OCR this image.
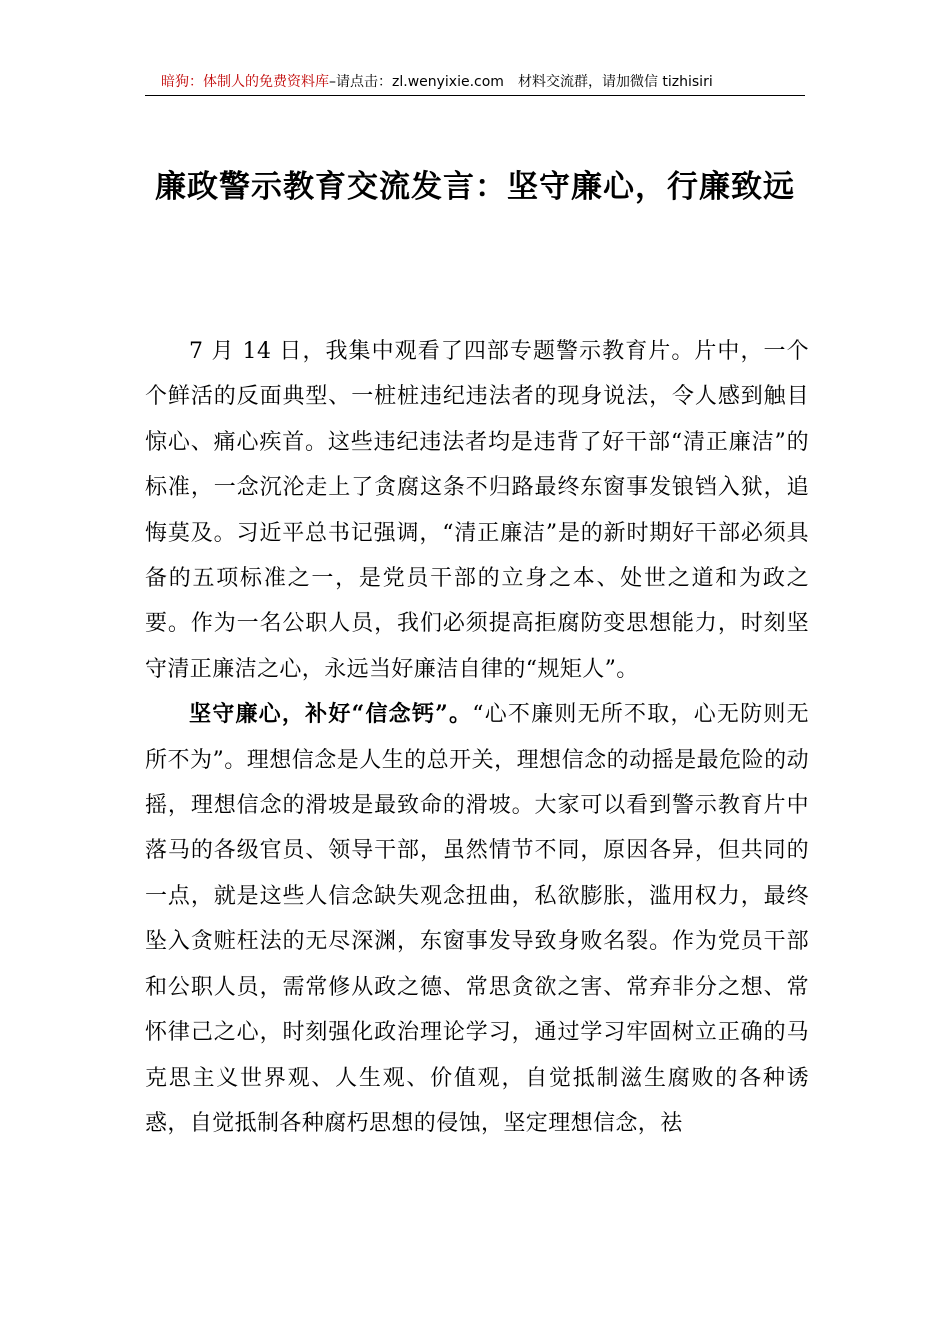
暗狗：体制人的免费资料库–请点击：zl.wenyixie.com 材料交流群，请加微信 tizhisiri
廉政警示教育交流发言：坚守廉心，行廉致远

7 月 14 日，我集中观看了四部专题警示教育片。片中，一个个鲜活的反面典型、一桩桩违纪违法者的现身说法，令人感到触目惊心、痛心疾首。这些违纪违法者均是违背了好干部“清正廉洁”的标准，一念沉沦走上了贪腐这条不归路最终东窗事发锒铛入狱，追悔莫及。习近平总书记强调，“清正廉洁”是的新时期好干部必须具备的五项标准之一，是党员干部的立身之本、处世之道和为政之要。作为一名公职人员，我们必须提高拒腐防变思想能力，时刻坚守清正廉洁之心，永远当好廉洁自律的“规矩人”。

坚守廉心，补好“信念钙”。“心不廉则无所不取，心无防则无所不为”。理想信念是人生的总开关，理想信念的动摇是最危险的动摇，理想信念的滑坡是最致命的滑坡。大家可以看到警示教育片中落马的各级官员、领导干部，虽然情节不同，原因各异，但共同的一点，就是这些人信念缺失观念扭曲，私欲膨胀，滥用权力，最终坠入贪赃枉法的无尽深渊，东窗事发导致身败名裂。作为党员干部和公职人员，需常修从政之德、常思贪欲之害、常弃非分之想、常怀律己之心，时刻强化政治理论学习，通过学习牢固树立正确的马克思主义世界观、人生观、价值观，自觉抵制滋生腐败的各种诱惑，自觉抵制各种腐朽思想的侵蚀，坚定理想信念，祛
